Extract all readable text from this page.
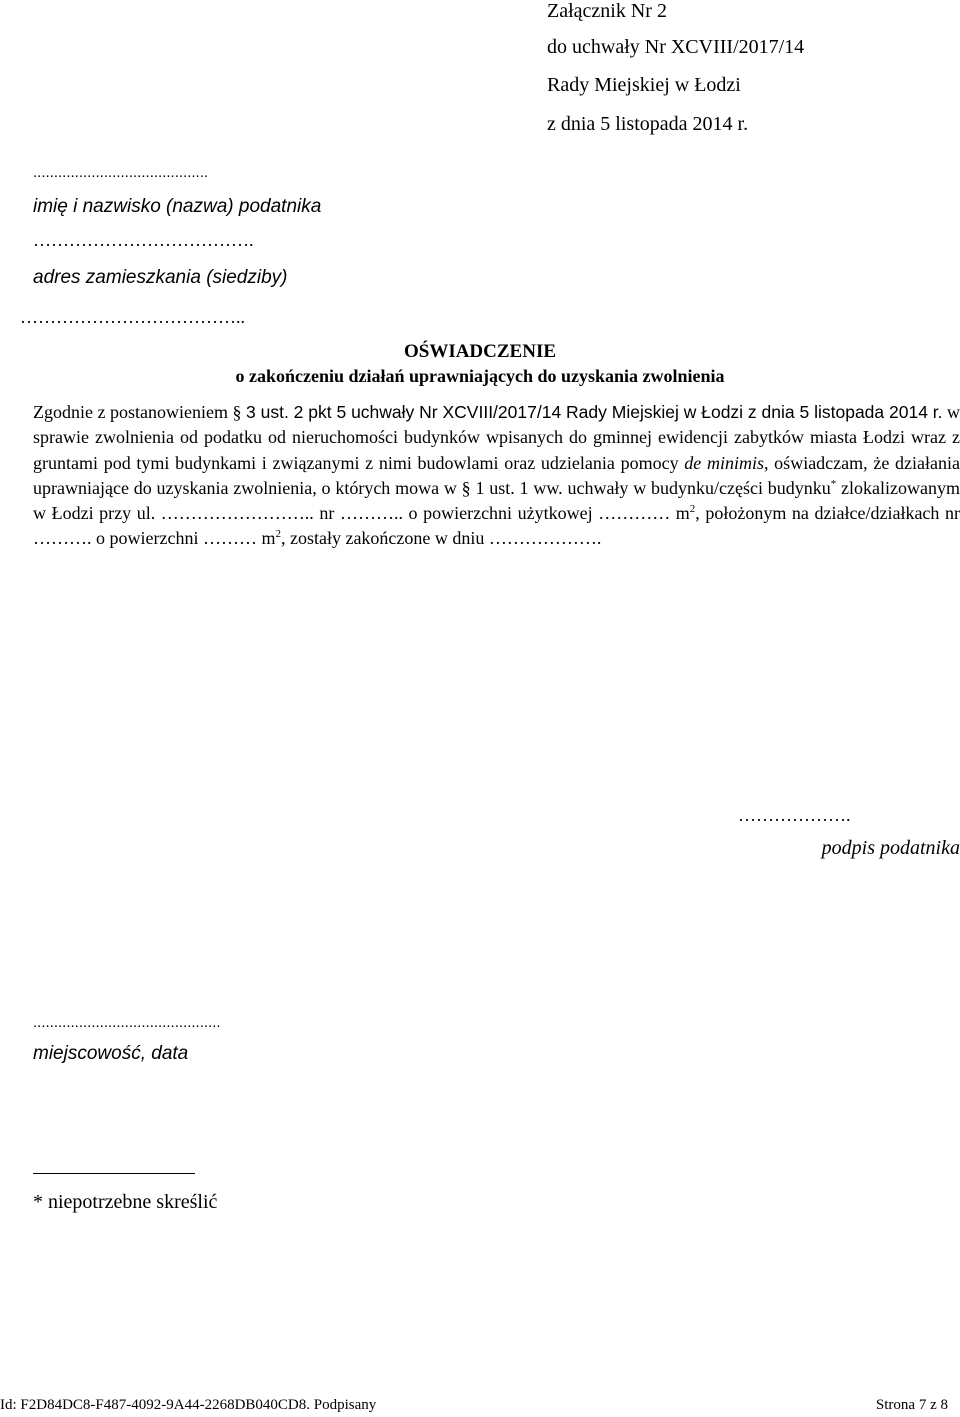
Załącznik Nr 2
do uchwały Nr XCVIII/2017/14
Rady Miejskiej w Łodzi
z dnia 5 listopada 2014 r.
..........................................
imię i nazwisko (nazwa) podatnika
……………………………….
adres zamieszkania (siedziby)
………………………………..
OŚWIADCZENIE
o zakończeniu działań uprawniających do uzyskania zwolnienia
Zgodnie z postanowieniem § 3 ust. 2 pkt 5 uchwały Nr XCVIII/2017/14 Rady Miejskiej w Łodzi z dnia 5 listopada 2014 r. w sprawie zwolnienia od podatku od nieruchomości budynków wpisanych do gminnej ewidencji zabytków miasta Łodzi wraz z gruntami pod tymi budynkami i związanymi z nimi budowlami oraz udzielania pomocy de minimis, oświadczam, że działania uprawniające do uzyskania zwolnienia, o których mowa w § 1 ust. 1 ww. uchwały w budynku/części budynku* zlokalizowanym w Łodzi przy ul. …………………….. nr ……….. o powierzchni użytkowej ………… $m^2$, położonym na działce/działkach nr ………. o powierzchni ……… $m^2$, zostały zakończone w dniu ……………….
……………….
podpis podatnika
.............................................
miejscowość, data
* niepotrzebne skreślić
Id: F2D84DC8-F487-4092-9A44-2268DB040CD8. Podpisany	Strona 7 z 8
